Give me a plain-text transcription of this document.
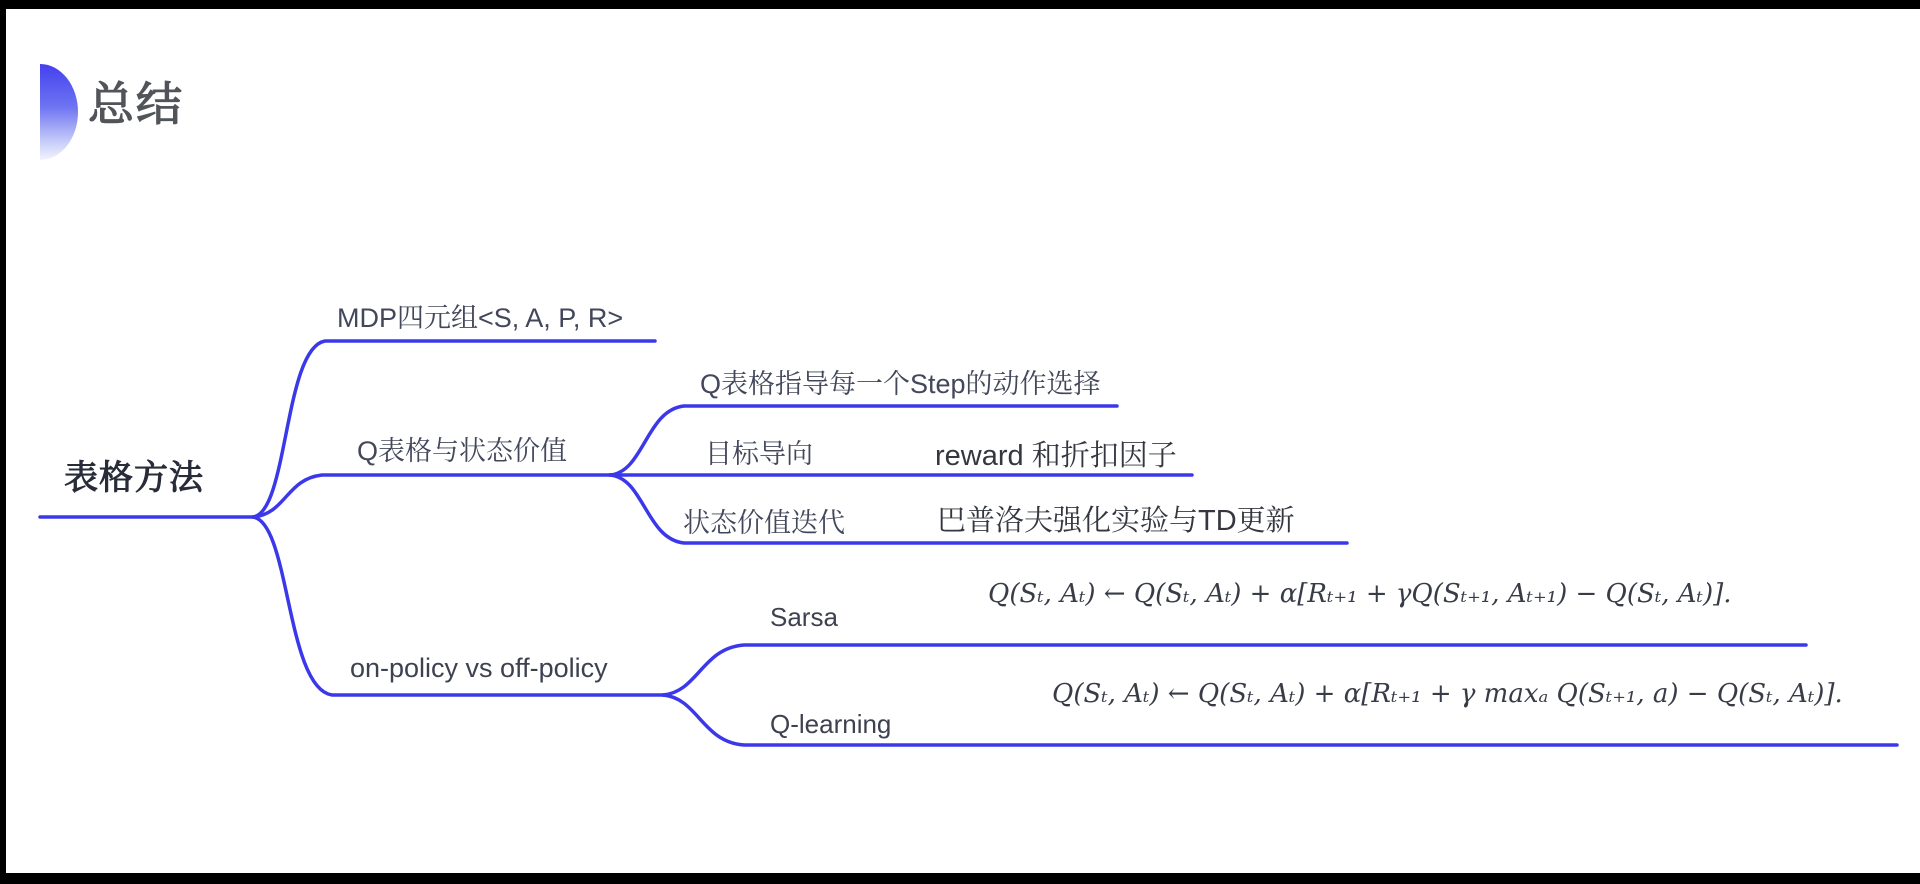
总结
表格方法
MDP四元组<S, A, P, R>
Q表格与状态价值
Q表格指导每一个Step的动作选择
目标导向	reward 和折扣因子
状态价值迭代	巴普洛夫强化实验与TD更新
on-policy vs off-policy
Sarsa
Q(Sₜ, Aₜ) ← Q(Sₜ, Aₜ) + α[Rₜ₊₁ + γQ(Sₜ₊₁, Aₜ₊₁) − Q(Sₜ, Aₜ)].
Q-learning
Q(Sₜ, Aₜ) ← Q(Sₜ, Aₜ) + α[Rₜ₊₁ + γ maxₐ Q(Sₜ₊₁, a) − Q(Sₜ, Aₜ)].
